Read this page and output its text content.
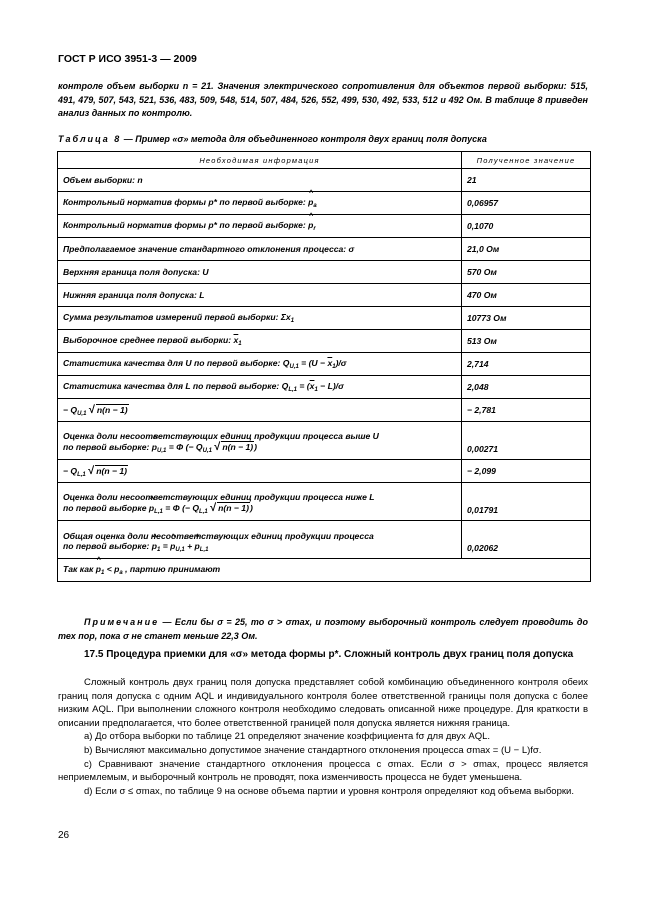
ГОСТ Р ИСО 3951-3 — 2009
контроле объем выборки n = 21. Значения электрического сопротивления для объектов первой выборки: 515, 491, 479, 507, 543, 521, 536, 483, 509, 548, 514, 507, 484, 526, 552, 499, 530, 492, 533, 512 и 492 Ом. В таблице 8 приведен анализ данных по контролю.
Таблица 8 — Пример «σ» метода для объединенного контроля двух границ поля допуска
Необходимая информация	Полученное значение
Объем выборки: n	21
Контрольный норматив формы p* по первой выборке: ^ $p_a$	0,06957
Контрольный норматив формы p* по первой выборке: ^ $p_r$	0,1070
Предполагаемое значение стандартного отклонения процесса: σ	21,0 Ом
Верхняя граница поля допуска: U	570 Ом
Нижняя граница поля допуска: L	470 Ом
Сумма результатов измерений первой выборки: $\Sigma x_1$	10773 Ом
Выборочное среднее первой выборки: $\overline{x}_1$	513 Ом
Статистика качества для U по первой выборке: $Q_{U,1} = (U - \overline{x}_1)/\sigma$	2,714
Статистика качества для L по первой выборке: $Q_{L,1} = (\overline{x}_1 - L)/\sigma$	2,048
− $Q_{U,1}$ √ n(n − 1)	− 2,781

Оценка доли несоответствующих единиц продукции процесса выше U
по первой выборке: ^ $p_{U,1} = \Phi$ (− $Q_{U,1}$ √ n(n − 1))	0,00271
− $Q_{L,1}$ √ n(n − 1)	− 2,099

Оценка доли несоответствующих единиц продукции процесса ниже L
по первой выборке ^ $p_{L,1} = \Phi$ (− $Q_{L,1}$ √ n(n − 1))	0,01791

Общая оценка доли несоответствующих единиц продукции процесса
по первой выборке: ^ $p_1$ = ^ $p_{U,1}$ + ^ $p_{L,1}$	0,02062
Так как ^ $p_1 < p_a$ , партию принимают
Примечание — Если бы σ = 25, то σ > σmax, и поэтому выборочный контроль следует проводить до тех пор, пока σ не станет меньше 22,3 Ом.
17.5 Процедура приемки для «σ» метода формы p*. Сложный контроль двух границ поля допуска

Сложный контроль двух границ поля допуска представляет собой комбинацию объединенного контроля обеих границ поля допуска с одним AQL и индивидуального контроля более ответственной границы поля допуска с более низким AQL. При выполнении сложного контроля необходимо следовать описанной ниже процедуре. Для краткости в описании предполагается, что более ответственной границей поля допуска является нижняя граница.

a) До отбора выборки по таблице 21 определяют значение коэффициента fσ для двух AQL.

b) Вычисляют максимально допустимое значение стандартного отклонения процесса σmax = (U − L)fσ.

c) Сравнивают значение стандартного отклонения процесса с σmax. Если σ > σmax, процесс является неприемлемым, и выборочный контроль не проводят, пока изменчивость процесса не будет уменьшена.

d) Если σ ≤ σmax, по таблице 9 на основе объема партии и уровня контроля определяют код объема выборки.

26
